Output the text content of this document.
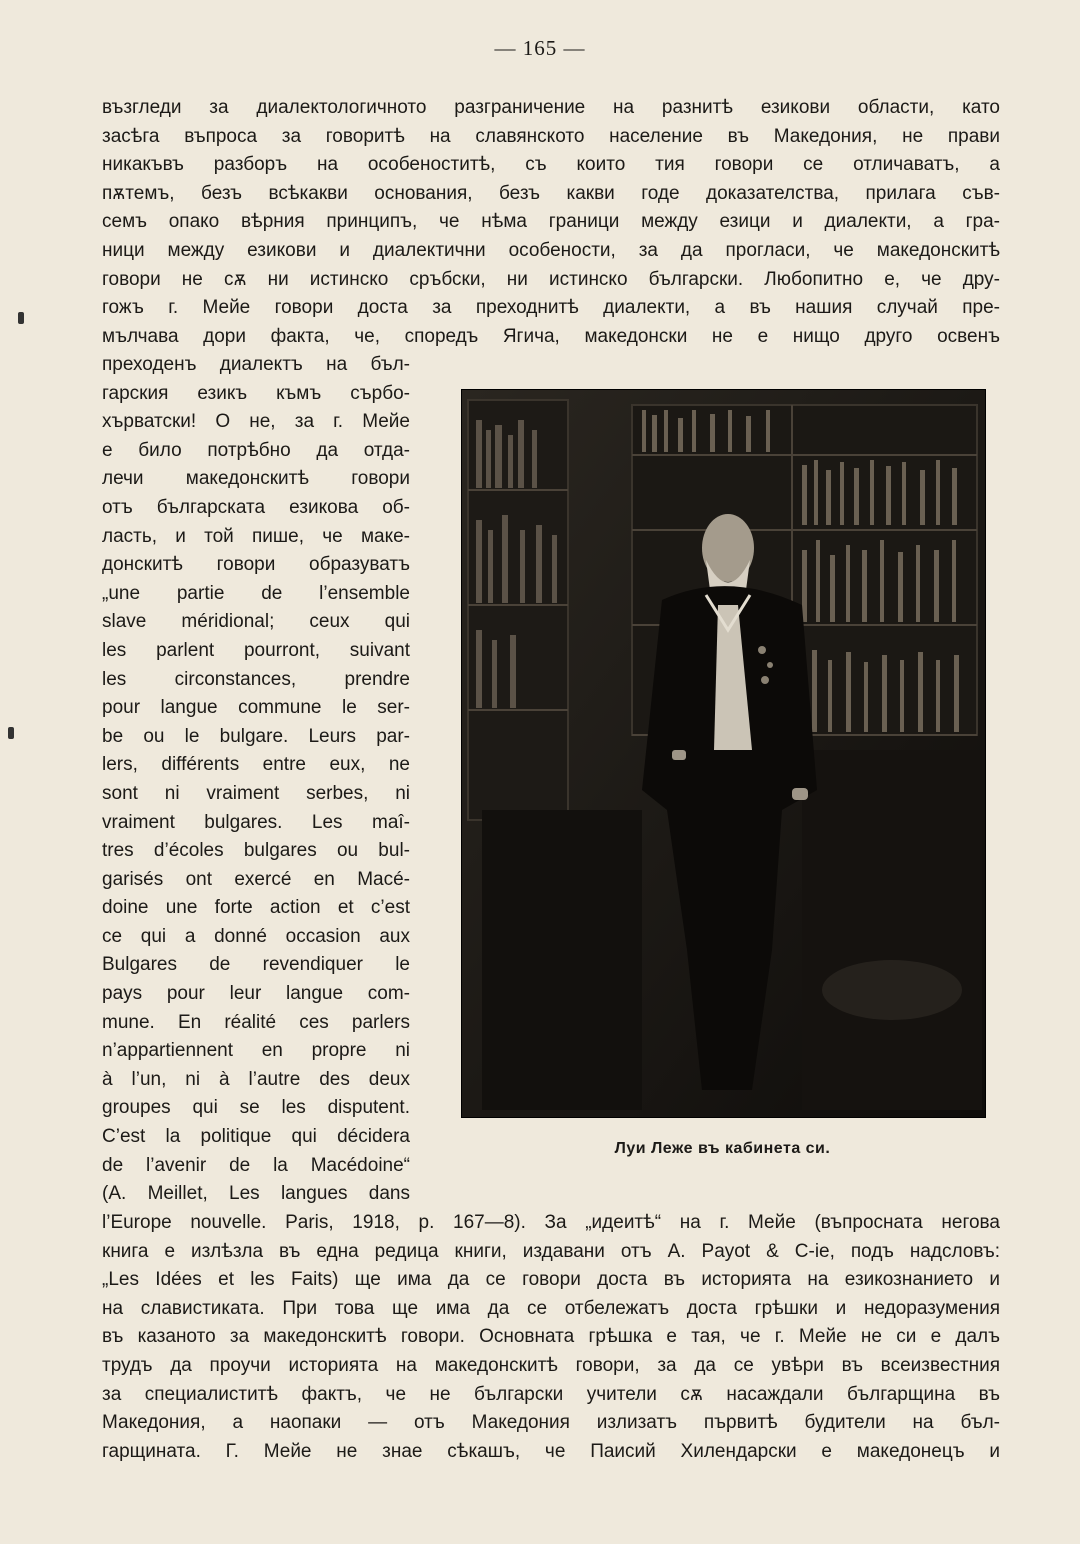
— 165 —
възгледи за диалектологичното разграничение на разнитѣ езикови области, като
засѣга въпроса за говоритѣ на славянското население въ Македония, не прави
никакъвъ разборъ на особеноститѣ, съ които тия говори се отличаватъ, а
пѫтемъ, безъ всѣкакви основания, безъ какви годе доказателства, прилага съв-
семъ опако вѣрния принципъ, че нѣма граници между езици и диалекти, а гра-
ници между езикови и диалектични особености, за да прогласи, че македонскитѣ
говори не сѫ ни истинско сръбски, ни истинско български. Любопитно е, че дру-
гожъ г. Мейе говори доста за преходнитѣ диалекти, а въ нашия случай пре-
мълчава дори факта, че, споредъ Ягича, македонски не е нищо друго освенъ
преходенъ диалектъ на бъл-
гарския езикъ къмъ сърбо-
хърватски! О не, за г. Мейе
е било потрѣбно да отда-
лечи македонскитѣ говори
отъ българската езикова об-
ласть, и той пише, че маке-
донскитѣ говори образуватъ
„une partie de l’ensemble
slave méridional; ceux qui
les parlent pourront, suivant
les circonstances, prendre
pour langue commune le ser-
be ou le bulgare. Leurs par-
lers, différents entre eux, ne
sont ni vraiment serbes, ni
vraiment bulgares. Les maî-
tres d’écoles bulgares ou bul-
garisés ont exercé en Macé-
doine une forte action et c’est
ce qui a donné occasion aux
Bulgares de revendiquer le
pays pour leur langue com-
mune. En réalité ces parlers
n’appartiennent en propre ni
à l’un, ni à l’autre des deux
groupes qui se les disputent.
C’est la politique qui décidera
de l’avenir de la Macédoine“
(A. Meillet, Les langues dans
Луи Леже въ кабинета си.
l’Europe nouvelle. Paris, 1918, p. 167—8). За „идеитѣ“ на г. Мейе (въпросната негова
книга е излѣзла въ една редица книги, издавани отъ A. Payot & C-ie, подъ надсловъ:
„Les Idées et les Faits) ще има да се говори доста въ историята на езикознанието и
на славистиката. При това ще има да се отбележатъ доста грѣшки и недоразумения
въ казаното за македонскитѣ говори. Основната грѣшка е тая, че г. Мейе не си е далъ
трудъ да проучи историята на македонскитѣ говори, за да се увѣри въ всеизвестния
за специалиститѣ фактъ, че не български учители сѫ насаждали българщина въ
Македония, а наопаки — отъ Македония излизатъ първитѣ будители на бъл-
гарщината. Г. Мейе не знае сѣкашъ, че Паисий Хилендарски е македонецъ и
